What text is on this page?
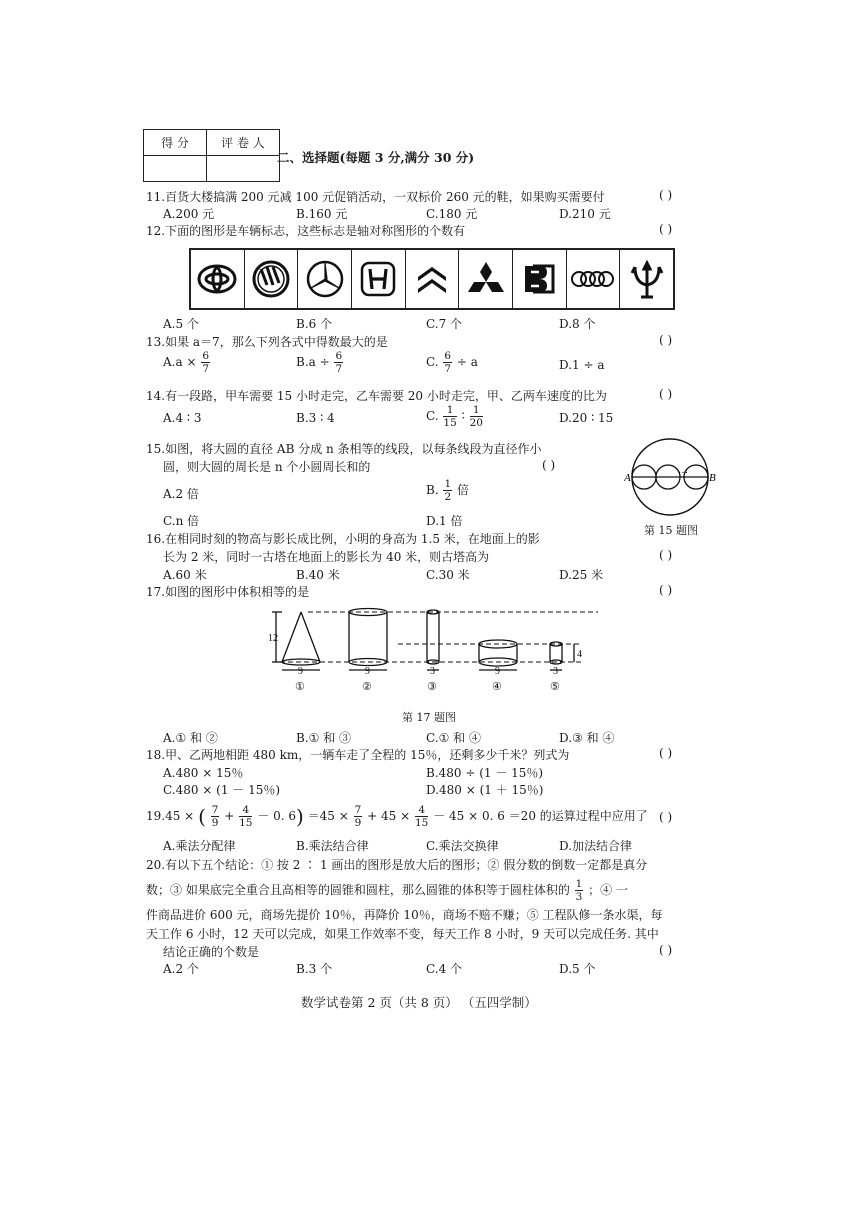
得 分	评 卷 人

二、选择题(每题 3 分,满分 30 分)
11.百货大楼搞满 200 元减 100 元促销活动，一双标价 260 元的鞋，如果购买需要付	( )
A.200 元	B.160 元	C.180 元	D.210 元
12.下面的图形是车辆标志，这些标志是轴对称图形的个数有	( )
A.5 个	B.6 个	C.7 个	D.8 个
13.如果 a＝7，那么下列各式中得数最大的是	( )
$A.a \times \frac{6}{7}$	$B.a \div \frac{6}{7}$	C. $\frac{6}{7} \div a$	D.1 ÷ a
14.有一段路，甲车需要 15 小时走完，乙车需要 20 小时走完，甲、乙两车速度的比为	( )
A.4 ∶ 3	B.3 ∶ 4	C. $\frac{1}{15}$ ∶ $\frac{1}{20}$	D.20 ∶ 15
15.如图，将大圆的直径 AB 分成 n 条相等的线段，以每条线段为直径作小
圆，则大圆的周长是 n 个小圆周长和的	( )
A.2 倍	B. $\frac{1}{2}$ 倍
C.n 倍	D.1 倍
A	B
…
第 15 题图
16.在相同时刻的物高与影长成比例，小明的身高为 1.5 米，在地面上的影
长为 2 米，同时一古塔在地面上的影长为 40 米，则古塔高为	( )
A.60 米	B.40 米	C.30 米	D.25 米
17.如图的图形中体积相等的是	( )
12
4
9	9	3	9	3
①	②	③	④	⑤
第 17 题图
A.① 和 ②	B.① 和 ③	C.① 和 ④	D.③ 和 ④
18.甲、乙两地相距 480 km，一辆车走了全程的 15％，还剩多少千米？列式为	( )
A.480 × 15％	B.480 ÷ (1 － 15％)
C.480 × (1 － 15％)	D.480 × (1 ＋ 15％)
19.45 × ( $\frac{7}{9} + \frac{4}{15} - 0$. $6) =45 \times \frac{7}{9} + 45 \times \frac{4}{15} - 45 \times 0$. 6 ＝20 的运算过程中应用了 ( )
A.乘法分配律	B.乘法结合律	C.乘法交换律	D.加法结合律
20.有以下五个结论：① 按 2 ∶ 1 画出的图形是放大后的图形；② 假分数的倒数一定都是真分
数；③ 如果底完全重合且高相等的圆锥和圆柱，那么圆锥的体积等于圆柱体积的 $\frac{1}{3}$ ；④ 一
件商品进价 600 元，商场先提价 10％，再降价 10％，商场不赔不赚；⑤ 工程队修一条水渠，每
天工作 6 小时，12 天可以完成，如果工作效率不变，每天工作 8 小时，9 天可以完成任务. 其中
结论正确的个数是	( )
A.2 个	B.3 个	C.4 个	D.5 个
数学试卷第 2 页（共 8 页） （五四学制）
